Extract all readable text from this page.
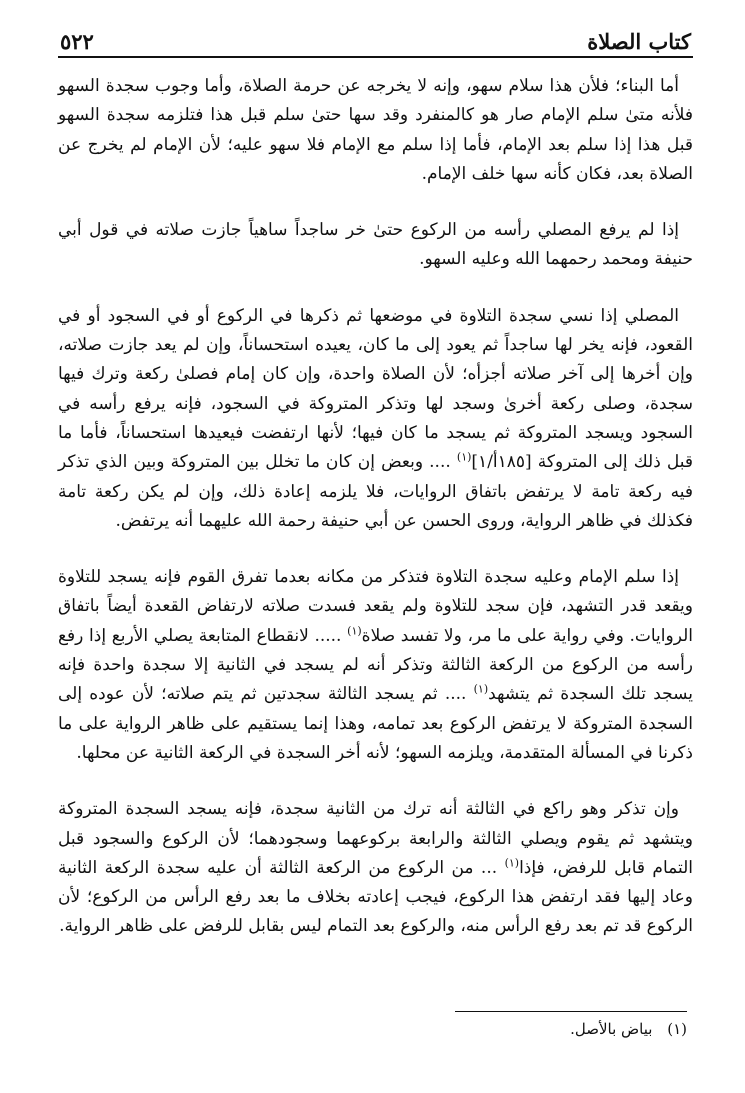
كتاب الصلاة
٥٢٢

أما البناء؛ فلأن هذا سلام سهو، وإنه لا يخرجه عن حرمة الصلاة، وأما وجوب سجدة السهو فلأنه متىٰ سلم الإمام صار هو كالمنفرد وقد سها حتىٰ سلم قبل هذا فتلزمه سجدة السهو قبل هذا إذا سلم بعد الإمام، فأما إذا سلم مع الإمام فلا سهو عليه؛ لأن الإمام لم يخرج عن الصلاة بعد، فكان كأنه سها خلف الإمام.

إذا لم يرفع المصلي رأسه من الركوع حتىٰ خر ساجداً ساهياً جازت صلاته في قول أبي حنيفة ومحمد رحمهما الله وعليه السهو.

المصلي إذا نسي سجدة التلاوة في موضعها ثم ذكرها في الركوع أو في السجود أو في القعود، فإنه يخر لها ساجداً ثم يعود إلى ما كان، يعيده استحساناً، وإن لم يعد جازت صلاته، وإن أخرها إلى آخر صلاته أجزأه؛ لأن الصلاة واحدة، وإن كان إمام فصلىٰ ركعة وترك فيها سجدة، وصلى ركعة أخرىٰ وسجد لها وتذكر المتروكة في السجود، فإنه يرفع رأسه في السجود ويسجد المتروكة ثم يسجد ما كان فيها؛ لأنها ارتفضت فيعيدها استحساناً، فأما ما قبل ذلك إلى المتروكة [١٨٥أ/١]$^{(١)}$ .... وبعض إن كان ما تخلل بين المتروكة وبين الذي تذكر فيه ركعة تامة لا يرتفض باتفاق الروايات، فلا يلزمه إعادة ذلك، وإن لم يكن ركعة تامة فكذلك في ظاهر الرواية، وروى الحسن عن أبي حنيفة رحمة الله عليهما أنه يرتفض.

إذا سلم الإمام وعليه سجدة التلاوة فتذكر من مكانه بعدما تفرق القوم فإنه يسجد للتلاوة ويقعد قدر التشهد، فإن سجد للتلاوة ولم يقعد فسدت صلاته لارتفاض القعدة أيضاً باتفاق الروايات. وفي رواية على ما مر، ولا تفسد صلاة$^{(١)}$ ..... لانقطاع المتابعة يصلي الأربع إذا رفع رأسه من الركوع من الركعة الثالثة وتذكر أنه لم يسجد في الثانية إلا سجدة واحدة فإنه يسجد تلك السجدة ثم يتشهد$^{(١)}$ .... ثم يسجد الثالثة سجدتين ثم يتم صلاته؛ لأن عوده إلى السجدة المتروكة لا يرتفض الركوع بعد تمامه، وهذا إنما يستقيم على ظاهر الرواية على ما ذكرنا في المسألة المتقدمة، ويلزمه السهو؛ لأنه أخر السجدة في الركعة الثانية عن محلها.

وإن تذكر وهو راكع في الثالثة أنه ترك من الثانية سجدة، فإنه يسجد السجدة المتروكة ويتشهد ثم يقوم ويصلي الثالثة والرابعة بركوعهما وسجودهما؛ لأن الركوع والسجود قبل التمام قابل للرفض، فإذا$^{(١)}$ ... من الركوع من الركعة الثالثة أن عليه سجدة الركعة الثانية وعاد إليها فقد ارتفض هذا الركوع، فيجب إعادته بخلاف ما بعد رفع الرأس من الركوع؛ لأن الركوع قد تم بعد رفع الرأس منه، والركوع بعد التمام ليس بقابل للرفض على ظاهر الرواية.

(١) بياض بالأصل.
